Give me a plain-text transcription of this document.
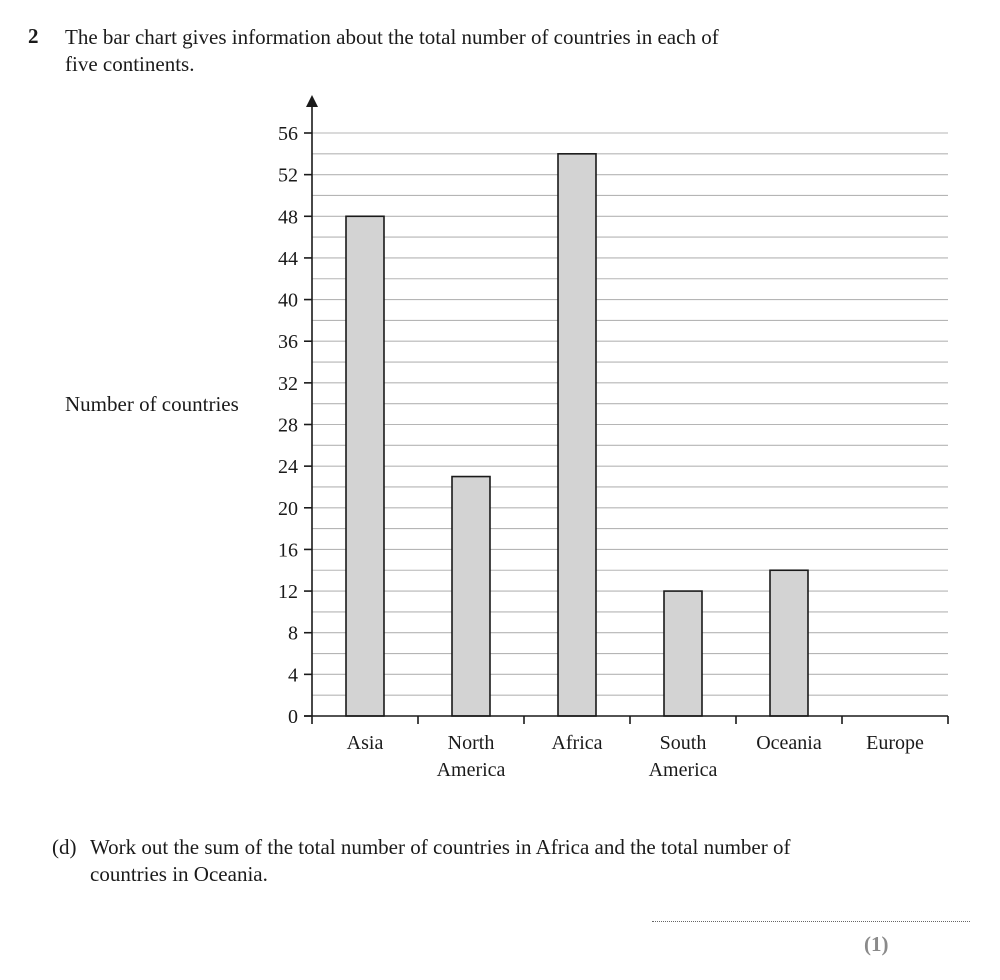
2 The bar chart gives information about the total number of countries in each of
five continents.
Number of countries
0
4
8
12
16
20
24
28
32
36
40
44
48
52
56
Asia	North
America
Africa	South
America
Oceania Europe
(d) Work out the sum of the total number of countries in Africa and the total number of
countries in Oceania.
(1)
